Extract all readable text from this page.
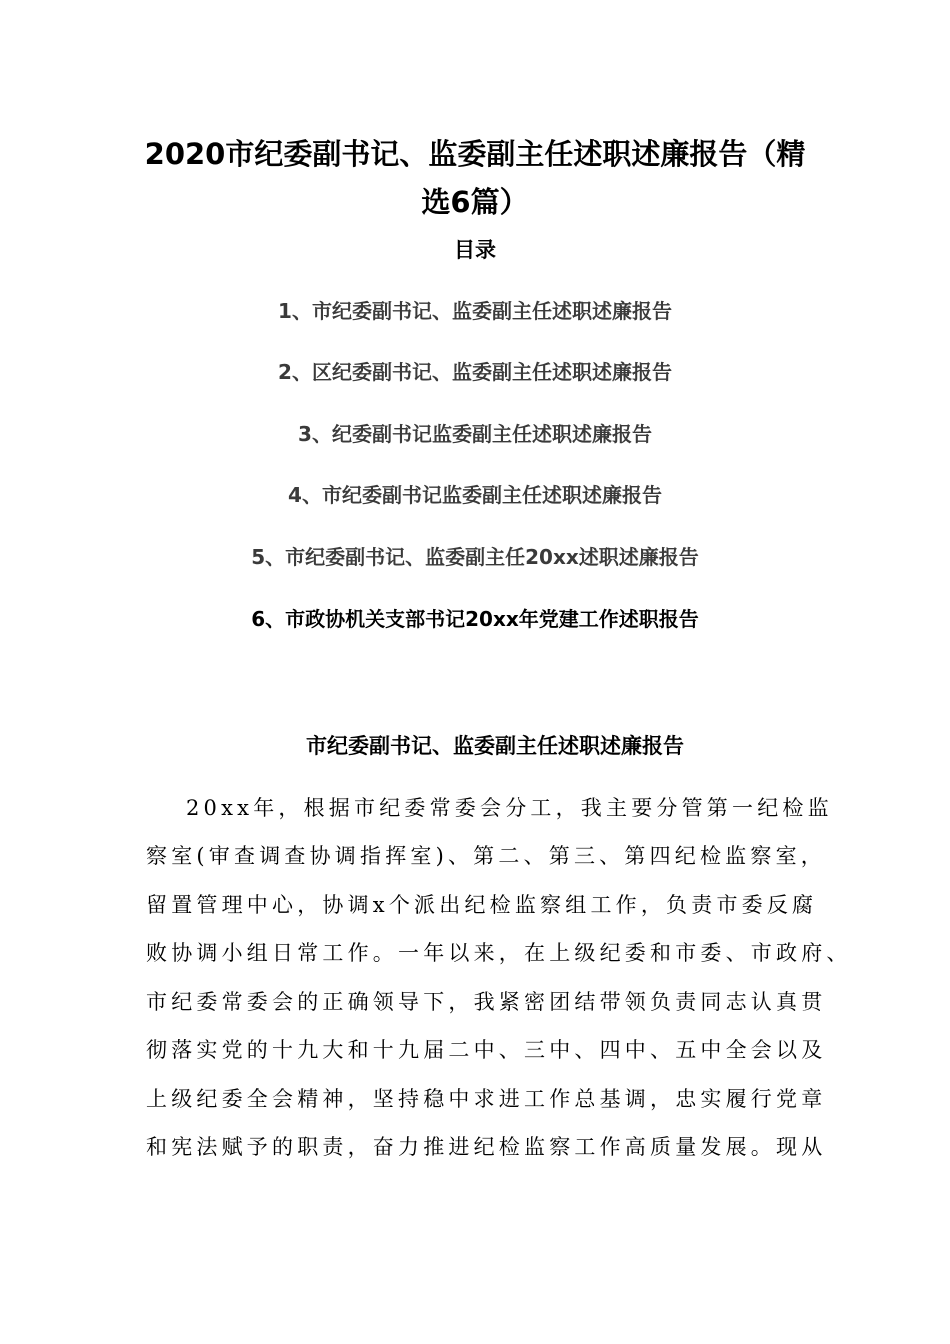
2020市纪委副书记、监委副主任述职述廉报告（精
选6篇）
目录
1、市纪委副书记、监委副主任述职述廉报告
2、区纪委副书记、监委副主任述职述廉报告
3、纪委副书记监委副主任述职述廉报告
4、市纪委副书记监委副主任述职述廉报告
5、市纪委副书记、监委副主任20xx述职述廉报告
6、市政协机关支部书记20xx年党建工作述职报告
市纪委副书记、监委副主任述职述廉报告
20xx年，根据市纪委常委会分工，我主要分管第一纪检监
察室(审查调查协调指挥室)、第二、第三、第四纪检监察室，
留置管理中心，协调x个派出纪检监察组工作，负责市委反腐
败协调小组日常工作。一年以来，在上级纪委和市委、市政府、
市纪委常委会的正确领导下，我紧密团结带领负责同志认真贯
彻落实党的十九大和十九届二中、三中、四中、五中全会以及
上级纪委全会精神，坚持稳中求进工作总基调，忠实履行党章
和宪法赋予的职责，奋力推进纪检监察工作高质量发展。现从
